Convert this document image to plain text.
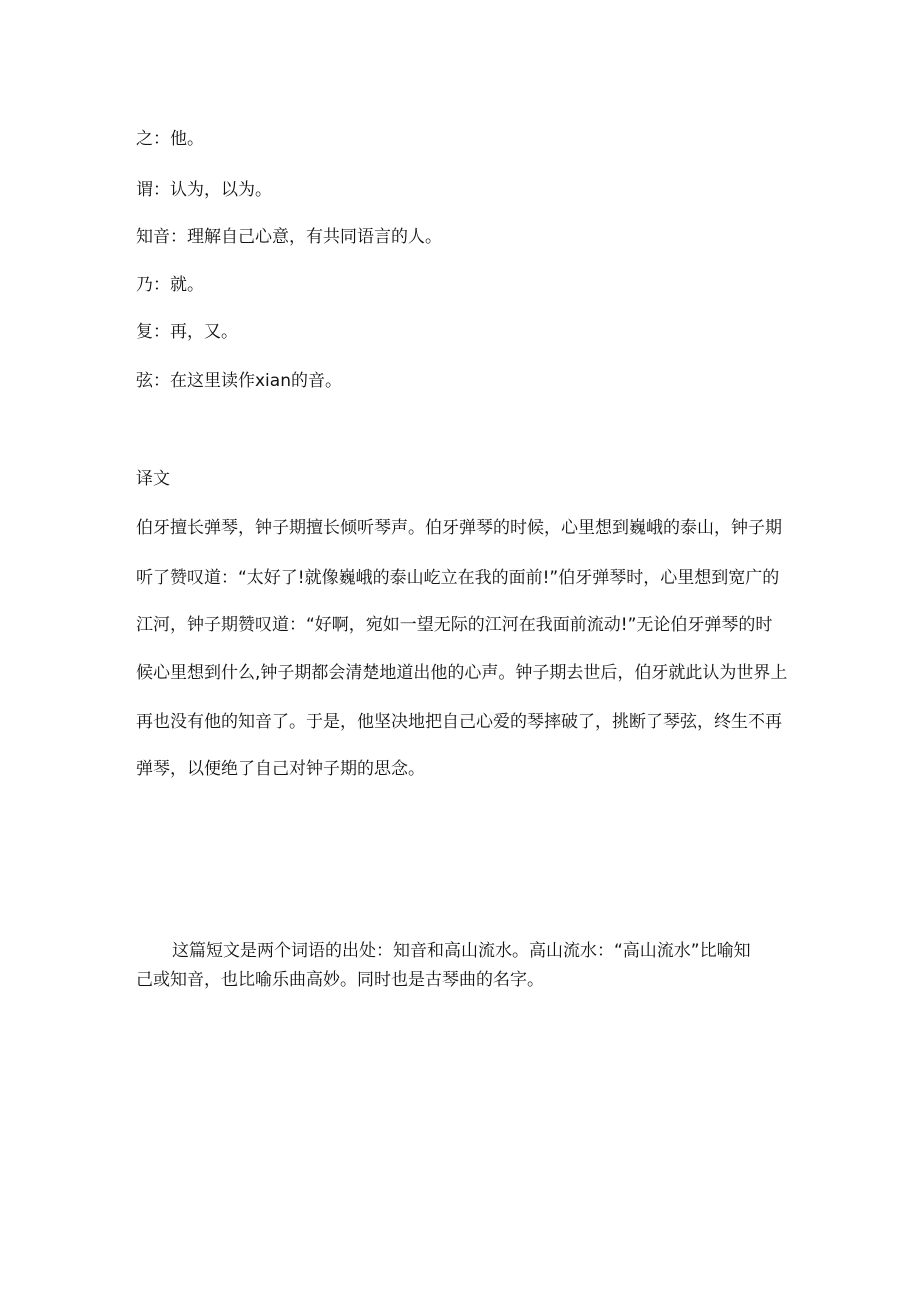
之：他。

谓：认为，以为。

知音：理解自己心意，有共同语言的人。

乃：就。

复：再，又。

弦：在这里读作xian的音。

译文

伯牙擅长弹琴，钟子期擅长倾听琴声。伯牙弹琴的时候，心里想到巍峨的泰山，钟子期

听了赞叹道：“太好了!就像巍峨的泰山屹立在我的面前!”伯牙弹琴时，心里想到宽广的

江河，钟子期赞叹道：“好啊，宛如一望无际的江河在我面前流动!”无论伯牙弹琴的时

候心里想到什么,钟子期都会清楚地道出他的心声。钟子期去世后，伯牙就此认为世界上

再也没有他的知音了。于是，他坚决地把自己心爱的琴摔破了，挑断了琴弦，终生不再

弹琴，以便绝了自己对钟子期的思念。

这篇短文是两个词语的出处：知音和高山流水。高山流水：“高山流水”比喻知

己或知音，也比喻乐曲高妙。同时也是古琴曲的名字。
